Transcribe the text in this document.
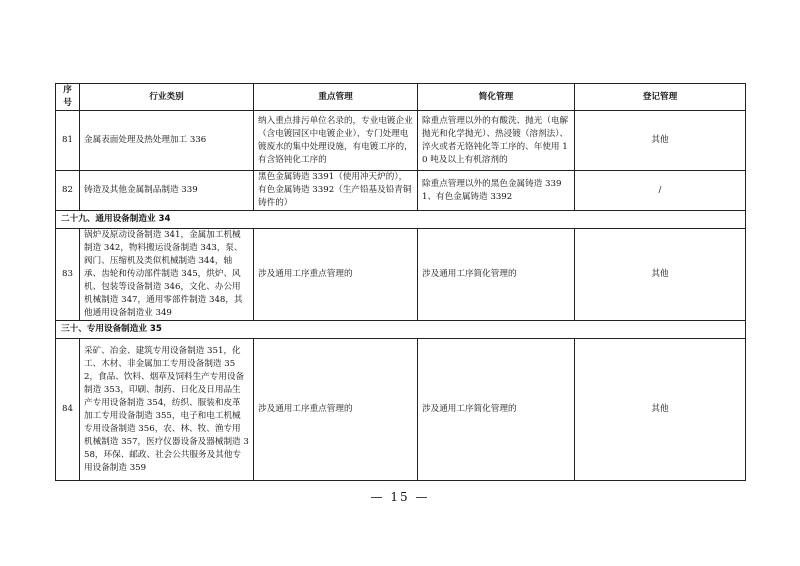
序号	行业类别	重点管理	简化管理	登记管理
81	金属表面处理及热处理加工 336	纳入重点排污单位名录的，专业电镀企业（含电镀园区中电镀企业），专门处理电镀废水的集中处理设施，有电镀工序的，有含铬钝化工序的	除重点管理以外的有酸洗、抛光（电解抛光和化学抛光）、热浸镀（溶剂法）、淬火或者无铬钝化等工序的、年使用 10 吨及以上有机溶剂的	其他
82	铸造及其他金属制品制造 339	黑色金属铸造 3391（使用冲天炉的），有色金属铸造 3392（生产铅基及铅青铜铸件的）	除重点管理以外的黑色金属铸造 3391、有色金属铸造 3392	/
二十九、通用设备制造业 34				
83	锅炉及原动设备制造 341，金属加工机械制造 342，物料搬运设备制造 343，泵、阀门、压缩机及类似机械制造 344，轴承、齿轮和传动部件制造 345，烘炉、风机、包装等设备制造 346，文化、办公用机械制造 347，通用零部件制造 348，其他通用设备制造业 349	涉及通用工序重点管理的	涉及通用工序简化管理的	其他
三十、专用设备制造业 35				
84	采矿、冶金、建筑专用设备制造 351，化工、木材、非金属加工专用设备制造 352，食品、饮料、烟草及饲料生产专用设备制造 353，印刷、制药、日化及日用品生产专用设备制造 354，纺织、服装和皮革加工专用设备制造 355，电子和电工机械专用设备制造 356，农、林、牧、渔专用机械制造 357，医疗仪器设备及器械制造 358，环保、邮政、社会公共服务及其他专用设备制造 359	涉及通用工序重点管理的	涉及通用工序简化管理的	其他
— 15 —
